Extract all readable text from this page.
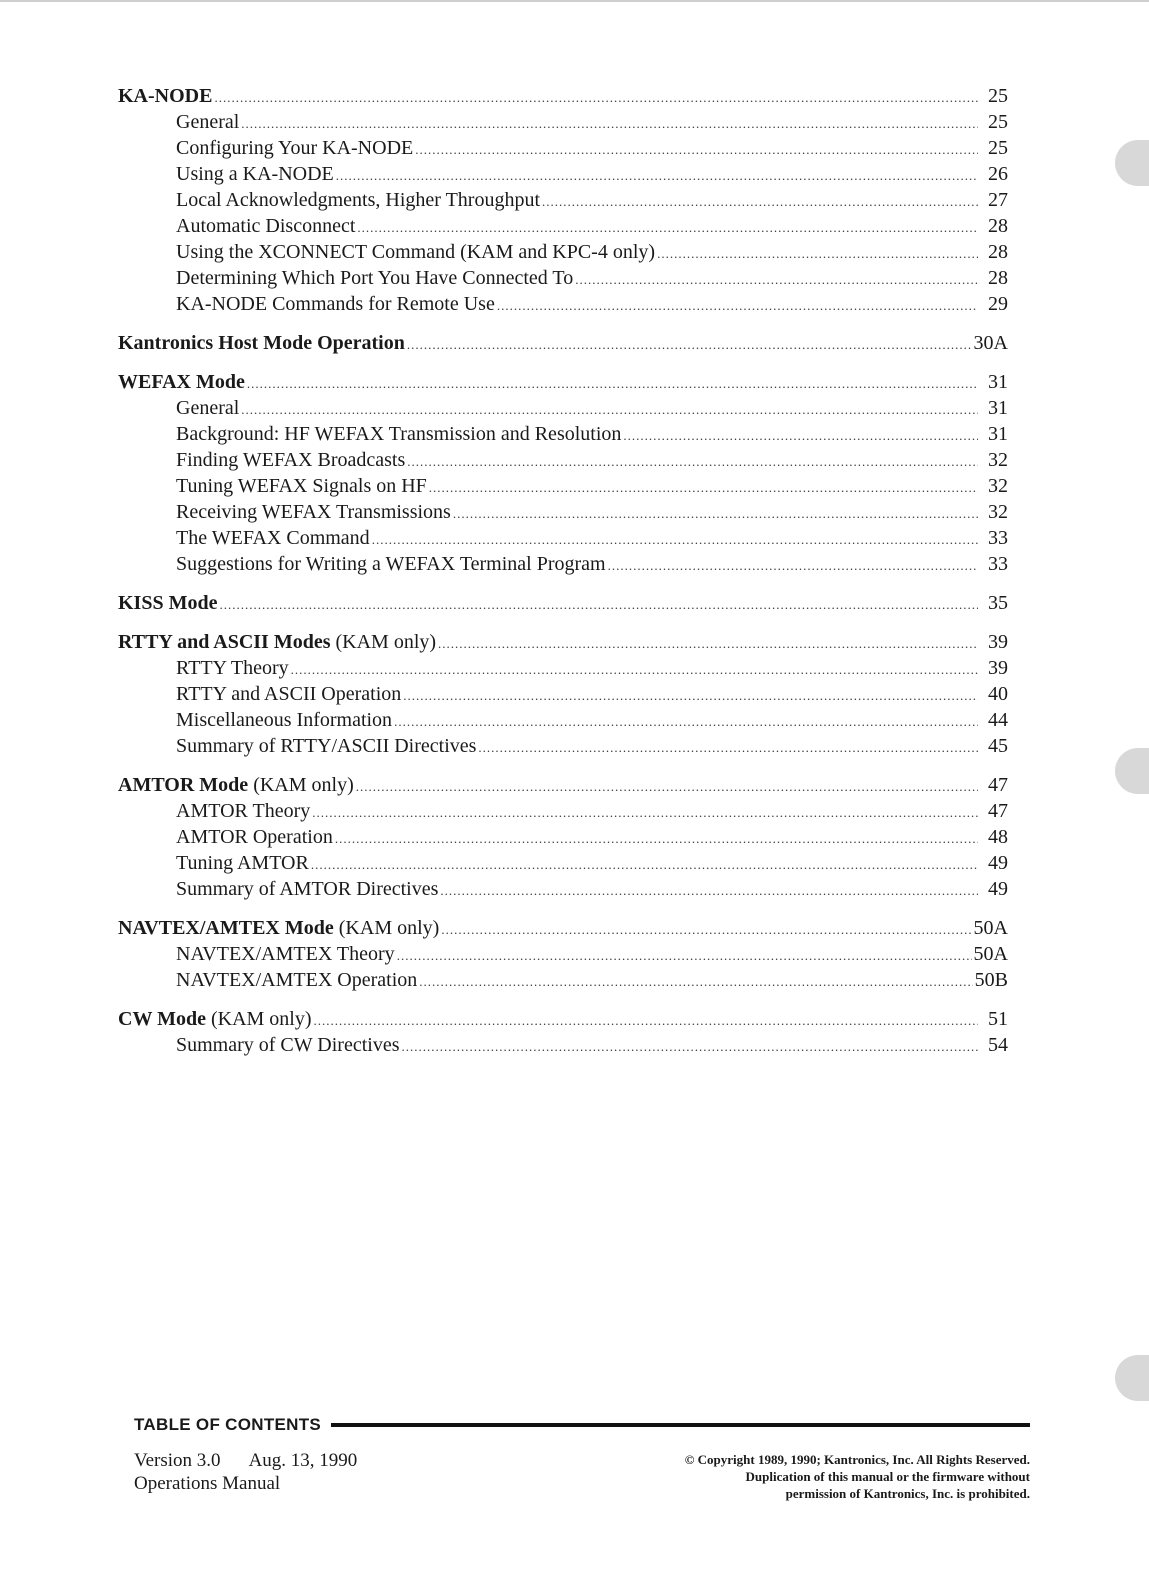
KA-NODE .....	25
General .....	25
Configuring Your KA-NODE .....	25
Using a KA-NODE .....	26
Local Acknowledgments, Higher Throughput .....	27
Automatic Disconnect .....	28
Using the XCONNECT Command (KAM and KPC-4 only) .....	28
Determining Which Port You Have Connected To .....	28
KA-NODE Commands for Remote Use .....	29
Kantronics Host Mode Operation .....	30A
WEFAX Mode .....	31
General .....	31
Background: HF WEFAX Transmission and Resolution .....	31
Finding WEFAX Broadcasts .....	32
Tuning WEFAX Signals on HF .....	32
Receiving WEFAX Transmissions .....	32
The WEFAX Command .....	33
Suggestions for Writing a WEFAX Terminal Program .....	33
KISS Mode .....	35
RTTY and ASCII Modes (KAM only) .....	39
RTTY Theory .....	39
RTTY and ASCII Operation .....	40
Miscellaneous Information .....	44
Summary of RTTY/ASCII Directives .....	45
AMTOR Mode (KAM only) .....	47
AMTOR Theory .....	47
AMTOR Operation .....	48
Tuning AMTOR .....	49
Summary of AMTOR Directives .....	49
NAVTEX/AMTEX Mode (KAM only) .....	50A
NAVTEX/AMTEX Theory .....	50A
NAVTEX/AMTEX Operation .....	50B
CW Mode (KAM only) .....	51
Summary of CW Directives .....	54
TABLE OF CONTENTS
Version 3.0 Aug. 13, 1990
Operations Manual
© Copyright 1989, 1990; Kantronics, Inc. All Rights Reserved.
Duplication of this manual or the firmware without
permission of Kantronics, Inc. is prohibited.
